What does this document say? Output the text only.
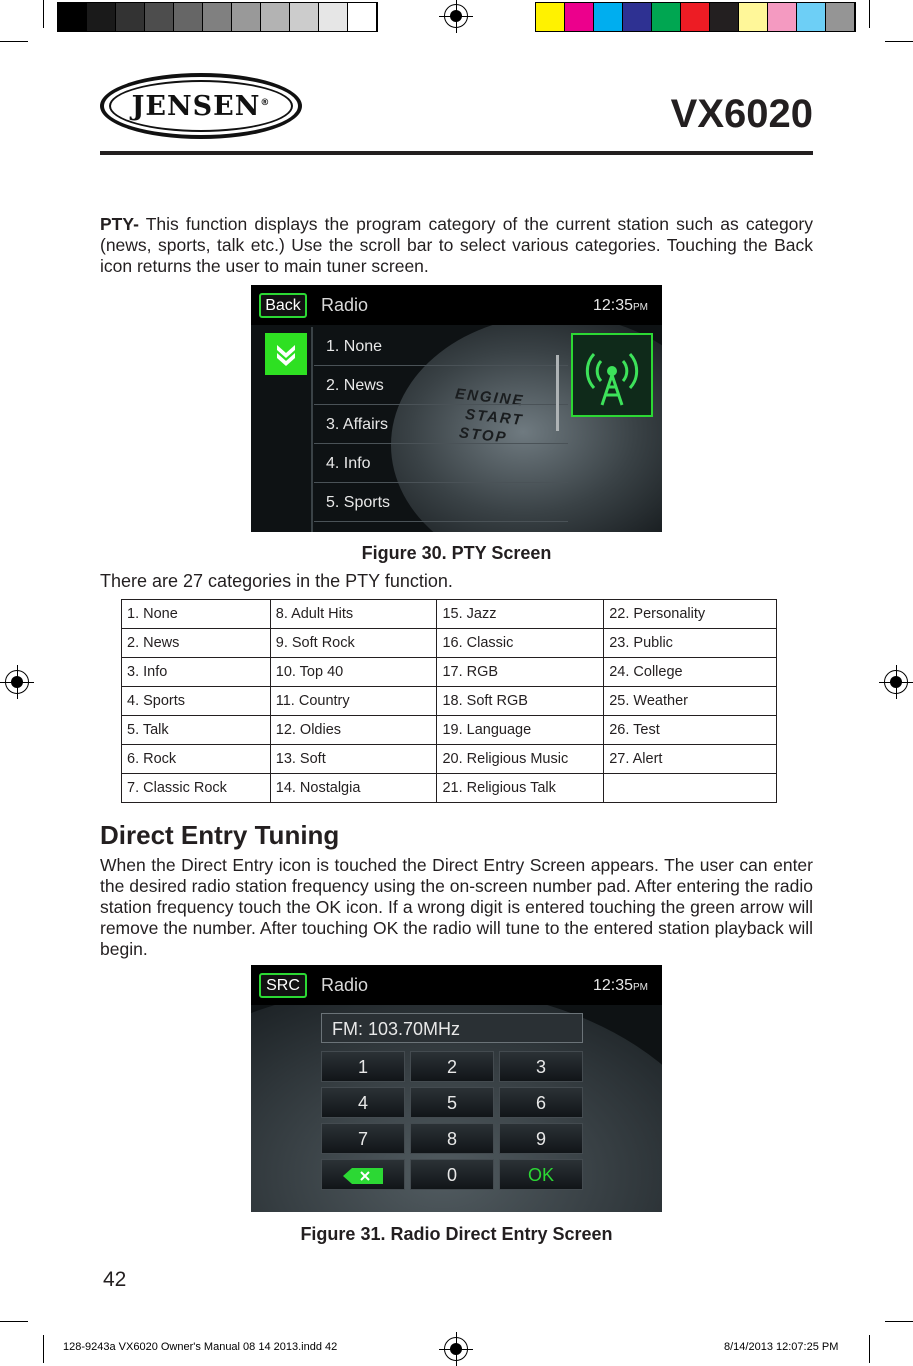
JENSEN®	VX6020
PTY- This function displays the program category of the current station such as category (news, sports, talk etc.) Use the scroll bar to select various categories. Touching the Back icon returns the user to main tuner screen.
ENGINE
START
STOP
Back	Radio	12:35PM
1. None
2. News
3. Affairs
4. Info
5. Sports
Figure 30. PTY Screen
There are 27 categories in the PTY function.
1. None	8. Adult Hits	15. Jazz	22. Personality
2. News	9. Soft Rock	16. Classic	23. Public
3. Info	10. Top 40	17. RGB	24. College
4. Sports	11. Country	18. Soft RGB	25. Weather
5. Talk	12. Oldies	19. Language	26. Test
6. Rock	13. Soft	20. Religious Music	27. Alert
7. Classic Rock	14. Nostalgia	21. Religious Talk	
Direct Entry Tuning
When the Direct Entry icon is touched the Direct Entry Screen appears. The user can enter the desired radio station frequency using the on-screen number pad. After entering the radio station frequency touch the OK icon. If a wrong digit is entered touching the green arrow will remove the number. After touching OK the radio will tune to the entered station playback will begin.
SRC	Radio	12:35PM
FM: 103.70MHz
1	2	3
4	5	6
7	8	9
0	OK
Figure 31. Radio Direct Entry Screen
42
128-9243a VX6020 Owner's Manual 08 14 2013.indd 42	8/14/2013 12:07:25 PM
